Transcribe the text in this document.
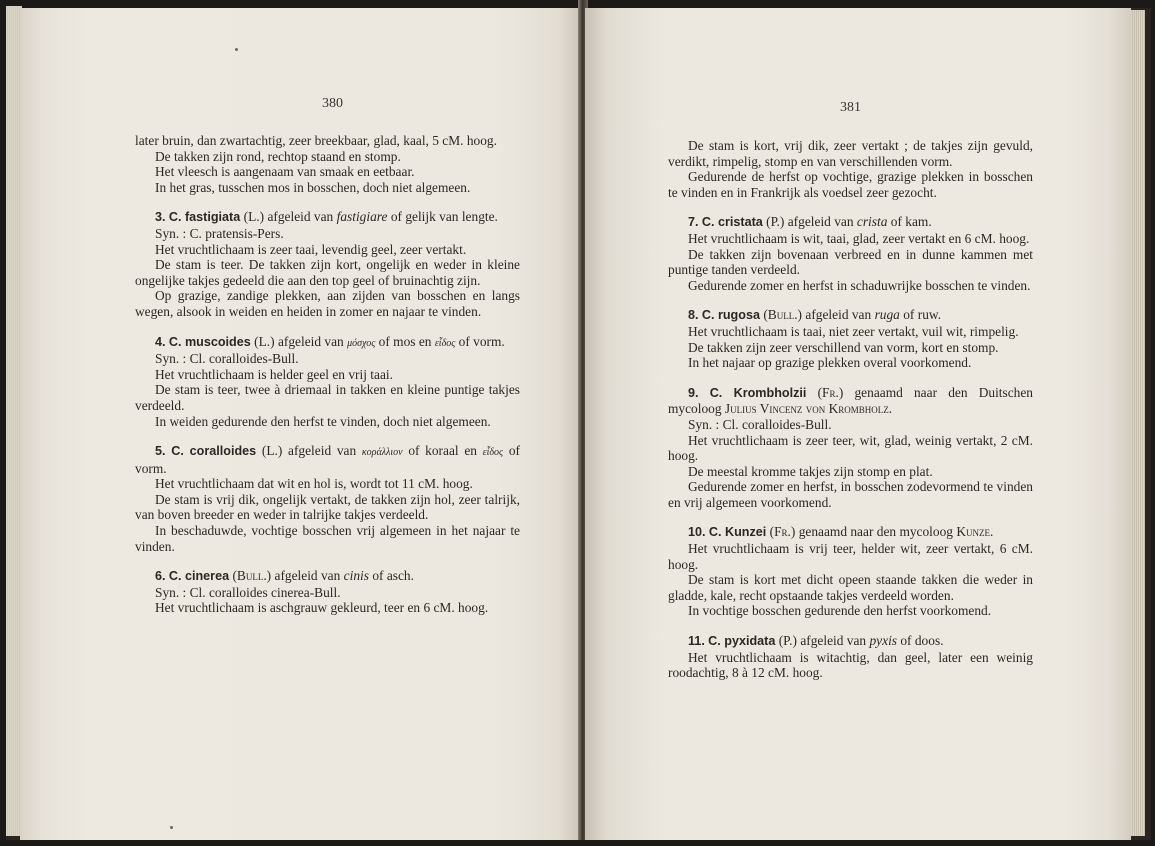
380

later bruin, dan zwartachtig, zeer breekbaar, glad, kaal, 5 cM. hoog.

De takken zijn rond, rechtop staand en stomp.

Het vleesch is aangenaam van smaak en eetbaar.

In het gras, tusschen mos in bosschen, doch niet algemeen.

3. C. fastigiata (L.) afgeleid van fastigiare of gelijk van lengte.

Syn. : C. pratensis-Pers.

Het vruchtlichaam is zeer taai, levendig geel, zeer vertakt.

De stam is teer. De takken zijn kort, ongelijk en weder in kleine ongelijke takjes gedeeld die aan den top geel of bruinachtig zijn.

Op grazige, zandige plekken, aan zijden van bosschen en langs wegen, alsook in weiden en heiden in zomer en najaar te vinden.

4. C. muscoides (L.) afgeleid van μόσχος of mos en εἶδος of vorm.

Syn. : Cl. coralloides-Bull.

Het vruchtlichaam is helder geel en vrij taai.

De stam is teer, twee à driemaal in takken en kleine puntige takjes verdeeld.

In weiden gedurende den herfst te vinden, doch niet algemeen.

5. C. coralloides (L.) afgeleid van κοράλλιον of koraal en εἶδος of vorm.

Het vruchtlichaam dat wit en hol is, wordt tot 11 cM. hoog.

De stam is vrij dik, ongelijk vertakt, de takken zijn hol, zeer talrijk, van boven breeder en weder in talrijke takjes verdeeld.

In beschaduwde, vochtige bosschen vrij algemeen in het najaar te vinden.

6. C. cinerea (Bull.) afgeleid van cinis of asch.

Syn. : Cl. coralloides cinerea-Bull.

Het vruchtlichaam is aschgrauw gekleurd, teer en 6 cM. hoog.

381

De stam is kort, vrij dik, zeer vertakt ; de takjes zijn gevuld, verdikt, rimpelig, stomp en van verschillenden vorm.

Gedurende de herfst op vochtige, grazige plekken in bosschen te vinden en in Frankrijk als voedsel zeer gezocht.

7. C. cristata (P.) afgeleid van crista of kam.

Het vruchtlichaam is wit, taai, glad, zeer vertakt en 6 cM. hoog.

De takken zijn bovenaan verbreed en in dunne kammen met puntige tanden verdeeld.

Gedurende zomer en herfst in schaduwrijke bosschen te vinden.

8. C. rugosa (Bull.) afgeleid van ruga of ruw.

Het vruchtlichaam is taai, niet zeer vertakt, vuil wit, rimpelig.

De takken zijn zeer verschillend van vorm, kort en stomp.

In het najaar op grazige plekken overal voorkomend.

9. C. Krombholzii (Fr.) genaamd naar den Duitschen mycoloog Julius Vincenz von Krombholz.

Syn. : Cl. coralloides-Bull.

Het vruchtlichaam is zeer teer, wit, glad, weinig vertakt, 2 cM. hoog.

De meestal kromme takjes zijn stomp en plat.

Gedurende zomer en herfst, in bosschen zodevormend te vinden en vrij algemeen voorkomend.

10. C. Kunzei (Fr.) genaamd naar den mycoloog Kunze.

Het vruchtlichaam is vrij teer, helder wit, zeer vertakt, 6 cM. hoog.

De stam is kort met dicht opeen staande takken die weder in gladde, kale, recht opstaande takjes verdeeld worden.

In vochtige bosschen gedurende den herfst voorkomend.

11. C. pyxidata (P.) afgeleid van pyxis of doos.

Het vruchtlichaam is witachtig, dan geel, later een weinig roodachtig, 8 à 12 cM. hoog.
